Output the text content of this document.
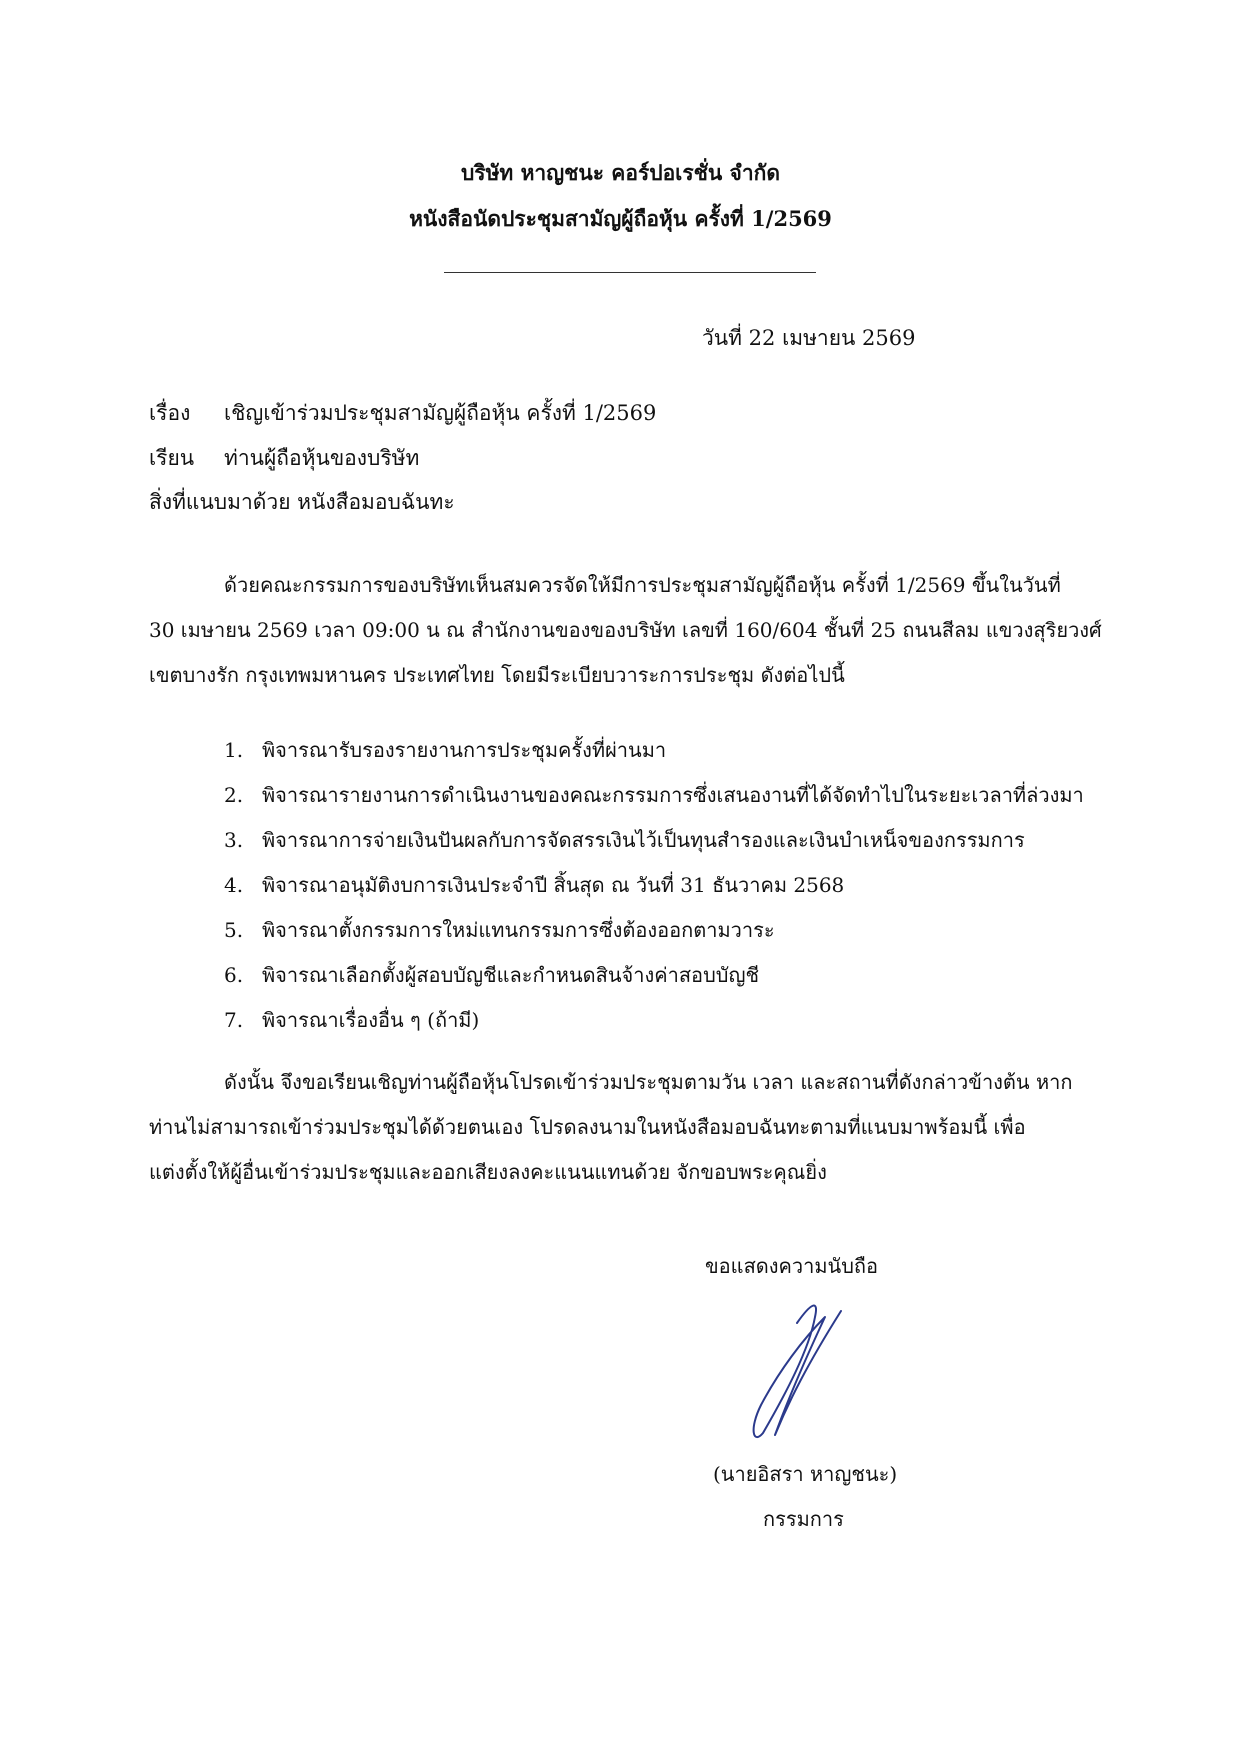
บริษัท หาญชนะ คอร์ปอเรชั่น จำกัด
หนังสือนัดประชุมสามัญผู้ถือหุ้น ครั้งที่ 1/2569
วันที่ 22 เมษายน 2569
เรื่อง เชิญเข้าร่วมประชุมสามัญผู้ถือหุ้น ครั้งที่ 1/2569
เรียน ท่านผู้ถือหุ้นของบริษัท
สิ่งที่แนบมาด้วย หนังสือมอบฉันทะ
ด้วยคณะกรรมการของบริษัทเห็นสมควรจัดให้มีการประชุมสามัญผู้ถือหุ้น ครั้งที่ 1/2569 ขึ้นในวันที่
30 เมษายน 2569 เวลา 09:00 น ณ สำนักงานของของบริษัท เลขที่ 160/604 ชั้นที่ 25 ถนนสีลม แขวงสุริยวงศ์
เขตบางรัก กรุงเทพมหานคร ประเทศไทย โดยมีระเบียบวาระการประชุม ดังต่อไปนี้
1. พิจารณารับรองรายงานการประชุมครั้งที่ผ่านมา
2. พิจารณารายงานการดำเนินงานของคณะกรรมการซึ่งเสนองานที่ได้จัดทำไปในระยะเวลาที่ล่วงมา
3. พิจารณาการจ่ายเงินปันผลกับการจัดสรรเงินไว้เป็นทุนสำรองและเงินบำเหน็จของกรรมการ
4. พิจารณาอนุมัติงบการเงินประจำปี สิ้นสุด ณ วันที่ 31 ธันวาคม 2568
5. พิจารณาตั้งกรรมการใหม่แทนกรรมการซึ่งต้องออกตามวาระ
6. พิจารณาเลือกตั้งผู้สอบบัญชีและกำหนดสินจ้างค่าสอบบัญชี
7. พิจารณาเรื่องอื่น ๆ (ถ้ามี)
ดังนั้น จึงขอเรียนเชิญท่านผู้ถือหุ้นโปรดเข้าร่วมประชุมตามวัน เวลา และสถานที่ดังกล่าวข้างต้น หาก
ท่านไม่สามารถเข้าร่วมประชุมได้ด้วยตนเอง โปรดลงนามในหนังสือมอบฉันทะตามที่แนบมาพร้อมนี้ เพื่อ
แต่งตั้งให้ผู้อื่นเข้าร่วมประชุมและออกเสียงลงคะแนนแทนด้วย จักขอบพระคุณยิ่ง
ขอแสดงความนับถือ
(นายอิสรา หาญชนะ)
กรรมการ
